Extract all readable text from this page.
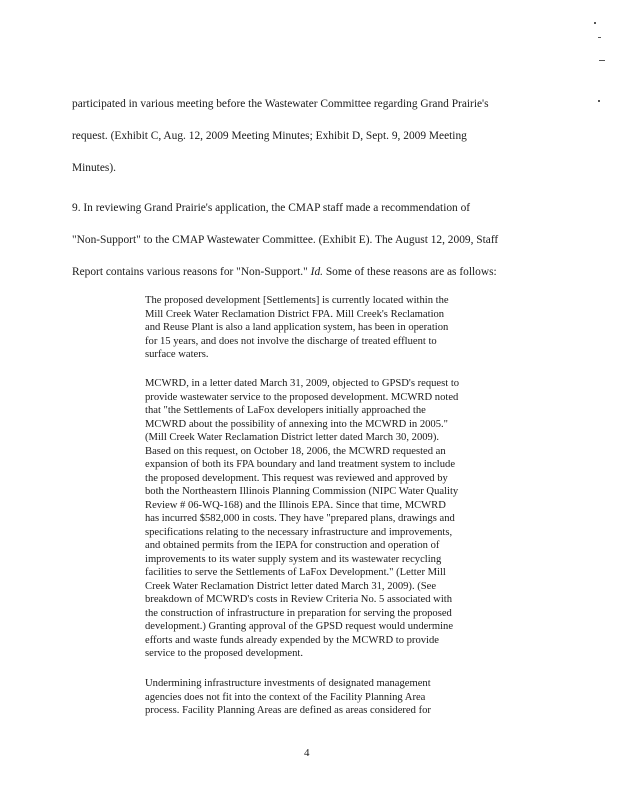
participated in various meeting before the Wastewater Committee regarding Grand Prairie's
request. (Exhibit C, Aug. 12, 2009 Meeting Minutes; Exhibit D, Sept. 9, 2009 Meeting
Minutes).
9. In reviewing Grand Prairie's application, the CMAP staff made a recommendation of
"Non-Support" to the CMAP Wastewater Committee. (Exhibit E). The August 12, 2009, Staff
Report contains various reasons for "Non-Support." Id. Some of these reasons are as follows:
The proposed development [Settlements] is currently located within the
Mill Creek Water Reclamation District FPA. Mill Creek's Reclamation
and Reuse Plant is also a land application system, has been in operation
for 15 years, and does not involve the discharge of treated effluent to
surface waters.
MCWRD, in a letter dated March 31, 2009, objected to GPSD's request to
provide wastewater service to the proposed development. MCWRD noted
that "the Settlements of LaFox developers initially approached the
MCWRD about the possibility of annexing into the MCWRD in 2005."
(Mill Creek Water Reclamation District letter dated March 30, 2009).
Based on this request, on October 18, 2006, the MCWRD requested an
expansion of both its FPA boundary and land treatment system to include
the proposed development. This request was reviewed and approved by
both the Northeastern Illinois Planning Commission (NIPC Water Quality
Review # 06-WQ-168) and the Illinois EPA. Since that time, MCWRD
has incurred $582,000 in costs. They have "prepared plans, drawings and
specifications relating to the necessary infrastructure and improvements,
and obtained permits from the IEPA for construction and operation of
improvements to its water supply system and its wastewater recycling
facilities to serve the Settlements of LaFox Development." (Letter Mill
Creek Water Reclamation District letter dated March 31, 2009). (See
breakdown of MCWRD's costs in Review Criteria No. 5 associated with
the construction of infrastructure in preparation for serving the proposed
development.) Granting approval of the GPSD request would undermine
efforts and waste funds already expended by the MCWRD to provide
service to the proposed development.
Undermining infrastructure investments of designated management
agencies does not fit into the context of the Facility Planning Area
process. Facility Planning Areas are defined as areas considered for
4
